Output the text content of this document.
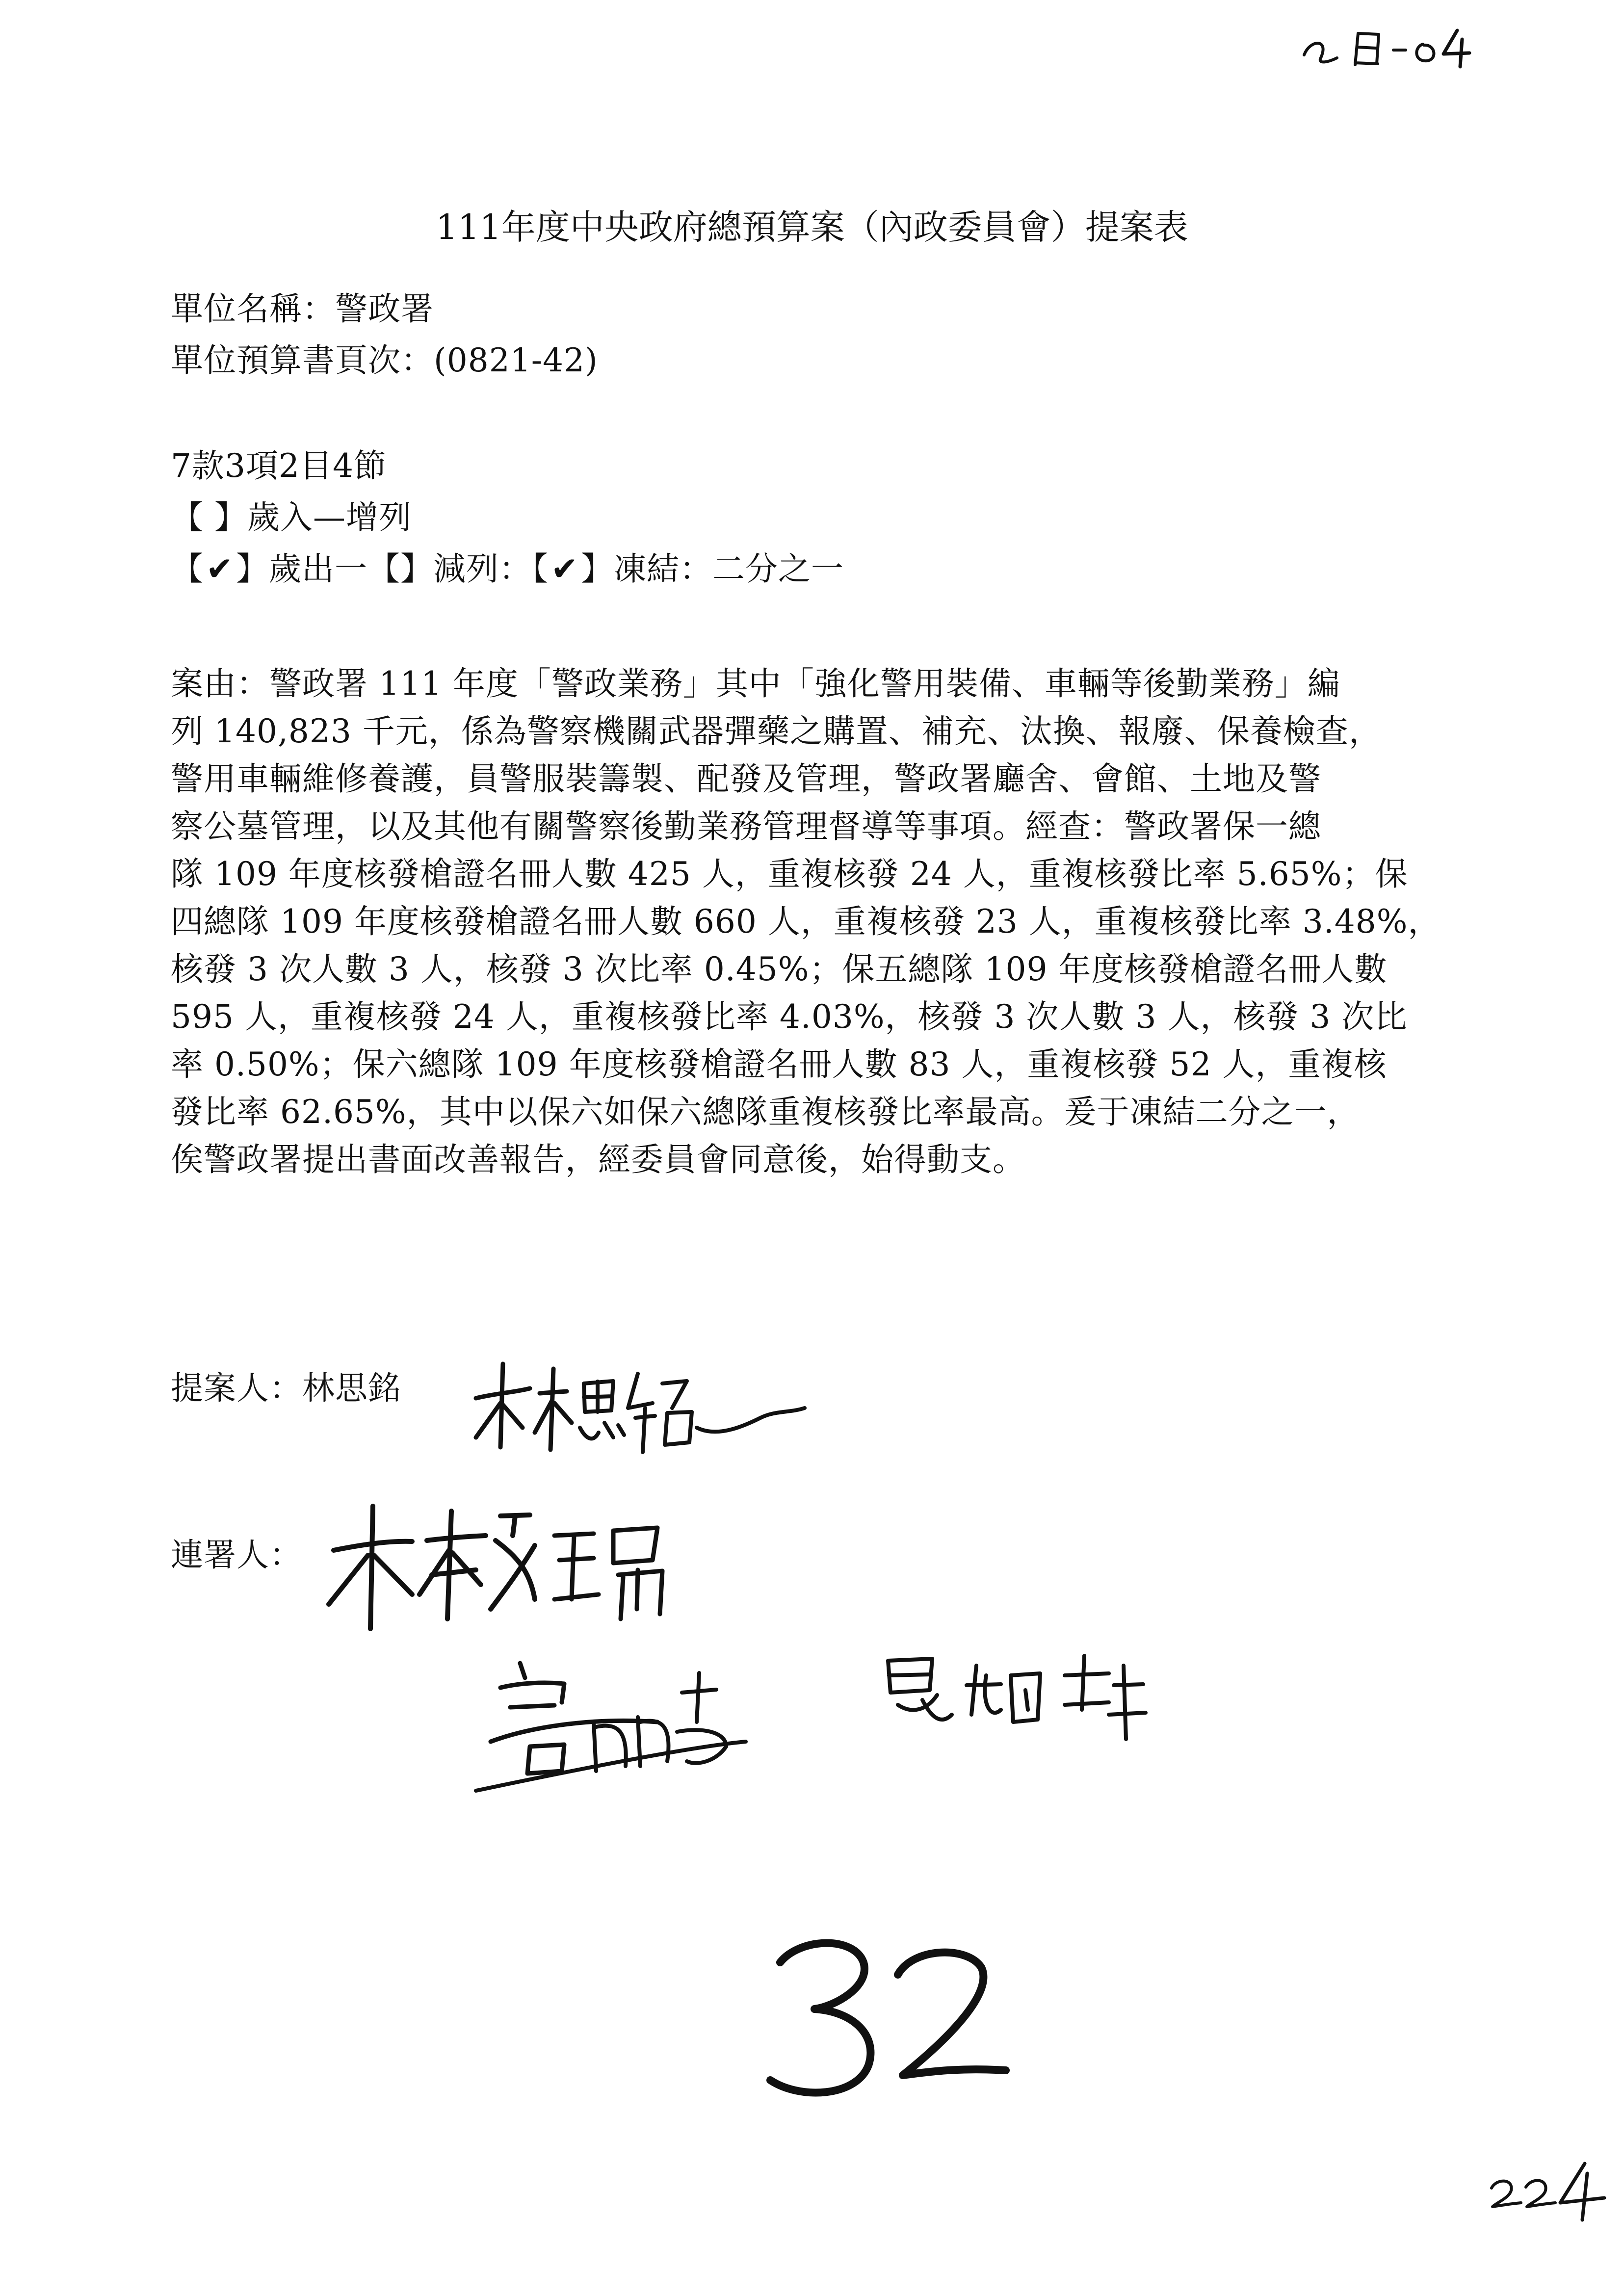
111年度中央政府總預算案（內政委員會）提案表
單位名稱：警政署
單位預算書頁次：(0821-42)
7款3項2目4節
【 】歲入—增列
【✔】歲出一【】減列：【✔】凍結：二分之一

案由：警政署 111 年度「警政業務」其中「強化警用裝備、車輛等後勤業務」編

列 140,823 千元，係為警察機關武器彈藥之購置、補充、汰換、報廢、保養檢查，

警用車輛維修養護，員警服裝籌製、配發及管理，警政署廳舍、會館、土地及警

察公墓管理，以及其他有關警察後勤業務管理督導等事項。經查：警政署保一總

隊 109 年度核發槍證名冊人數 425 人，重複核發 24 人，重複核發比率 5.65%；保

四總隊 109 年度核發槍證名冊人數 660 人，重複核發 23 人，重複核發比率 3.48%，

核發 3 次人數 3 人，核發 3 次比率 0.45%；保五總隊 109 年度核發槍證名冊人數

595 人，重複核發 24 人，重複核發比率 4.03%，核發 3 次人數 3 人，核發 3 次比

率 0.50%；保六總隊 109 年度核發槍證名冊人數 83 人，重複核發 52 人，重複核

發比率 62.65%，其中以保六如保六總隊重複核發比率最高。爰于凍結二分之一，

俟警政署提出書面改善報告，經委員會同意後，始得動支。

提案人：林思銘
連署人：
